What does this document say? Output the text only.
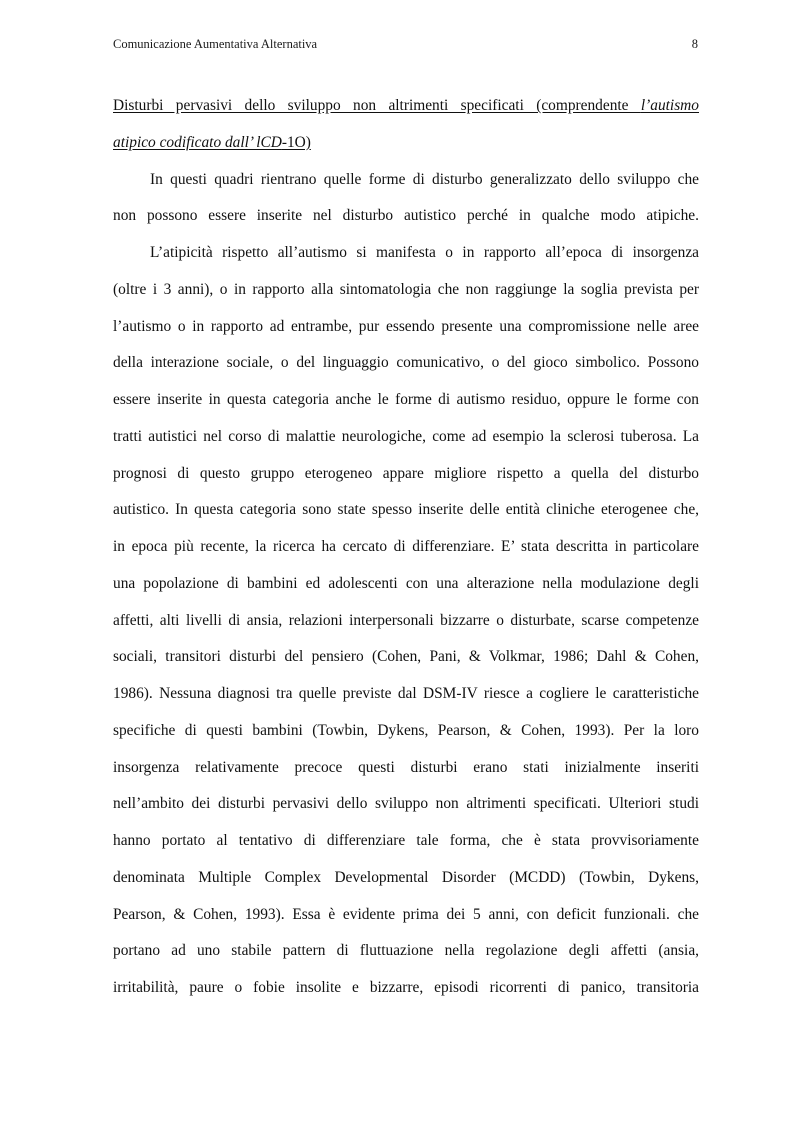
Comunicazione Aumentativa Alternativa	8
Disturbi pervasivi dello sviluppo non altrimenti specificati (comprendente l’autismo
atipico codificato dall’ lCD-1O)
In questi quadri rientrano quelle forme di disturbo generalizzato dello sviluppo che
non possono essere inserite nel disturbo autistico perché in qualche modo atipiche.
L’atipicità rispetto all’autismo si manifesta o in rapporto all’epoca di insorgenza
(oltre i 3 anni), o in rapporto alla sintomatologia che non raggiunge la soglia prevista per
l’autismo o in rapporto ad entrambe, pur essendo presente una compromissione nelle aree
della interazione sociale, o del linguaggio comunicativo, o del gioco simbolico. Possono
essere inserite in questa categoria anche le forme di autismo residuo, oppure le forme con
tratti autistici nel corso di malattie neurologiche, come ad esempio la sclerosi tuberosa. La
prognosi di questo gruppo eterogeneo appare migliore rispetto a quella del disturbo
autistico. In questa categoria sono state spesso inserite delle entità cliniche eterogenee che,
in epoca più recente, la ricerca ha cercato di differenziare. E’ stata descritta in particolare
una popolazione di bambini ed adolescenti con una alterazione nella modulazione degli
affetti, alti livelli di ansia, relazioni interpersonali bizzarre o disturbate, scarse competenze
sociali, transitori disturbi del pensiero (Cohen, Pani, & Volkmar, 1986; Dahl & Cohen,
1986). Nessuna diagnosi tra quelle previste dal DSM-IV riesce a cogliere le caratteristiche
specifiche di questi bambini (Towbin, Dykens, Pearson, & Cohen, 1993). Per la loro
insorgenza relativamente precoce questi disturbi erano stati inizialmente inseriti
nell’ambito dei disturbi pervasivi dello sviluppo non altrimenti specificati. Ulteriori studi
hanno portato al tentativo di differenziare tale forma, che è stata provvisoriamente
denominata Multiple Complex Developmental Disorder (MCDD) (Towbin, Dykens,
Pearson, & Cohen, 1993). Essa è evidente prima dei 5 anni, con deficit funzionali. che
portano ad uno stabile pattern di fluttuazione nella regolazione degli affetti (ansia,
irritabilità, paure o fobie insolite e bizzarre, episodi ricorrenti di panico, transitoria
